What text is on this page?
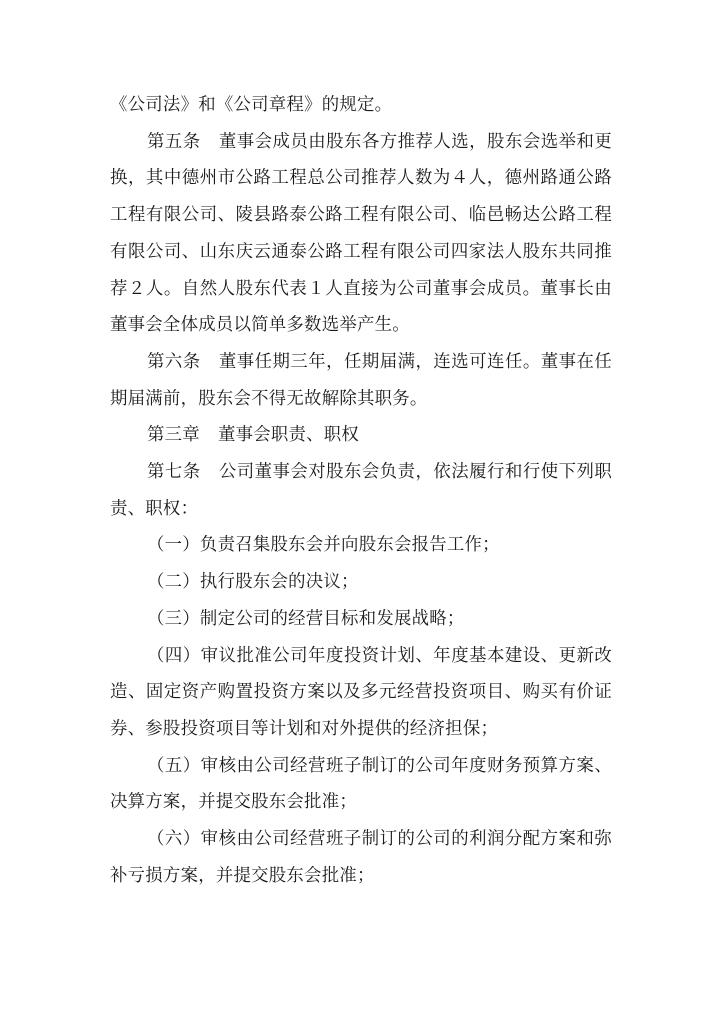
《公司法》和《公司章程》的规定。

第五条 董事会成员由股东各方推荐人选，股东会选举和更换，其中德州市公路工程总公司推荐人数为４人，德州路通公路工程有限公司、陵县路泰公路工程有限公司、临邑畅达公路工程有限公司、山东庆云通泰公路工程有限公司四家法人股东共同推荐２人。自然人股东代表１人直接为公司董事会成员。董事长由董事会全体成员以简单多数选举产生。

第六条 董事任期三年，任期届满，连选可连任。董事在任期届满前，股东会不得无故解除其职务。

第三章 董事会职责、职权

第七条 公司董事会对股东会负责，依法履行和行使下列职责、职权：

（一）负责召集股东会并向股东会报告工作；

（二）执行股东会的决议；

（三）制定公司的经营目标和发展战略；

（四）审议批准公司年度投资计划、年度基本建设、更新改造、固定资产购置投资方案以及多元经营投资项目、购买有价证券、参股投资项目等计划和对外提供的经济担保；

（五）审核由公司经营班子制订的公司年度财务预算方案、决算方案，并提交股东会批准；

（六）审核由公司经营班子制订的公司的利润分配方案和弥补亏损方案，并提交股东会批准；
